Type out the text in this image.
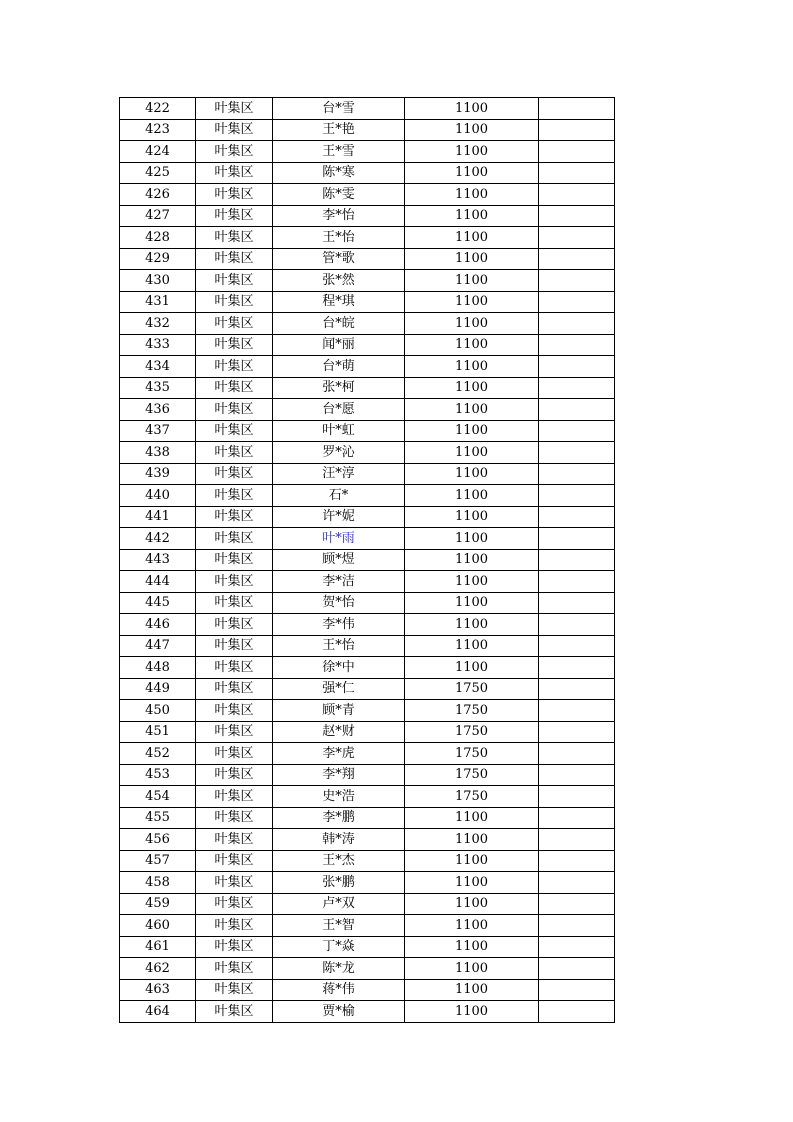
422	叶集区	台*雪	1100	
423	叶集区	王*艳	1100	
424	叶集区	王*雪	1100	
425	叶集区	陈*寒	1100	
426	叶集区	陈*雯	1100	
427	叶集区	李*怡	1100	
428	叶集区	王*怡	1100	
429	叶集区	管*歌	1100	
430	叶集区	张*然	1100	
431	叶集区	程*琪	1100	
432	叶集区	台*皖	1100	
433	叶集区	闻*丽	1100	
434	叶集区	台*萌	1100	
435	叶集区	张*柯	1100	
436	叶集区	台*愿	1100	
437	叶集区	叶*虹	1100	
438	叶集区	罗*沁	1100	
439	叶集区	汪*淳	1100	
440	叶集区	石*	1100	
441	叶集区	许*妮	1100	
442	叶集区	叶*雨	1100	
443	叶集区	顾*煜	1100	
444	叶集区	李*洁	1100	
445	叶集区	贺*怡	1100	
446	叶集区	李*伟	1100	
447	叶集区	王*怡	1100	
448	叶集区	徐*中	1100	
449	叶集区	强*仁	1750	
450	叶集区	顾*青	1750	
451	叶集区	赵*财	1750	
452	叶集区	李*虎	1750	
453	叶集区	李*翔	1750	
454	叶集区	史*浩	1750	
455	叶集区	李*鹏	1100	
456	叶集区	韩*涛	1100	
457	叶集区	王*杰	1100	
458	叶集区	张*鹏	1100	
459	叶集区	卢*双	1100	
460	叶集区	王*智	1100	
461	叶集区	丁*焱	1100	
462	叶集区	陈*龙	1100	
463	叶集区	蒋*伟	1100	
464	叶集区	贾*榆	1100	
